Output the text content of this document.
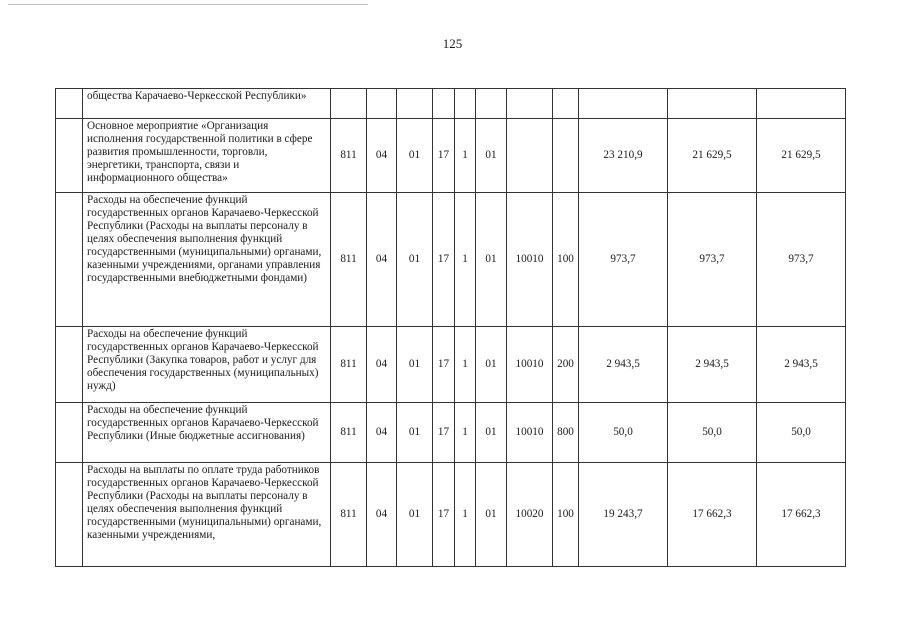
125
	общества Карачаево-Черкесской Республики»											
	Основное мероприятие «Организация исполнения государственной политики в сфере развития промышленности, торговли, энергетики, транспорта, связи и информационного общества»	811	04	01	17	1	01			23 210,9	21 629,5	21 629,5
	Расходы на обеспечение функций государственных органов Карачаево-Черкесской Республики (Расходы на выплаты персоналу в целях обеспечения выполнения функций государственными (муниципальными) органами, казенными учреждениями, органами управления государственными внебюджетными фондами)	811	04	01	17	1	01	10010	100	973,7	973,7	973,7
	Расходы на обеспечение функций государственных органов Карачаево-Черкесской Республики (Закупка товаров, работ и услуг для обеспечения государственных (муниципальных) нужд)	811	04	01	17	1	01	10010	200	2 943,5	2 943,5	2 943,5
	Расходы на обеспечение функций государственных органов Карачаево-Черкесской Республики (Иные бюджетные ассигнования)	811	04	01	17	1	01	10010	800	50,0	50,0	50,0
	Расходы на выплаты по оплате труда работников государственных органов Карачаево-Черкесской Республики (Расходы на выплаты персоналу в целях обеспечения выполнения функций государственными (муниципальными) органами, казенными учреждениями,	811	04	01	17	1	01	10020	100	19 243,7	17 662,3	17 662,3
